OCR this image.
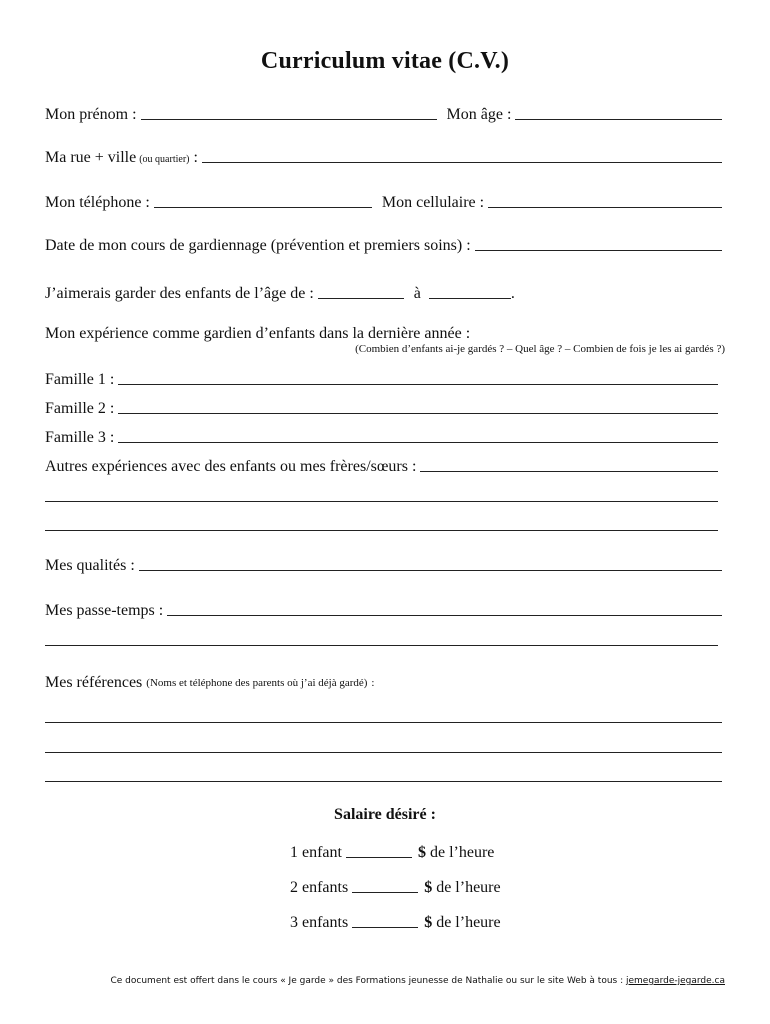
Curriculum vitae (C.V.)
Mon prénom :	Mon âge :
Ma rue + ville (ou quartier) :
Mon téléphone :	Mon cellulaire :
Date de mon cours de gardiennage (prévention et premiers soins) :
J’aimerais garder des enfants de l’âge de :	à	.
Mon expérience comme gardien d’enfants dans la dernière année :
(Combien d’enfants ai-je gardés ? – Quel âge ? – Combien de fois je les ai gardés ?)
Famille 1 :
Famille 2 :
Famille 3 :
Autres expériences avec des enfants ou mes frères/sœurs :
Mes qualités :
Mes passe-temps :
Mes références (Noms et téléphone des parents où j’ai déjà gardé) :
Salaire désiré :
1 enfant	$ de l’heure
2 enfants	$ de l’heure
3 enfants	$ de l’heure
Ce document est offert dans le cours « Je garde » des Formations jeunesse de Nathalie ou sur le site Web à tous : jemegarde-jegarde.ca
